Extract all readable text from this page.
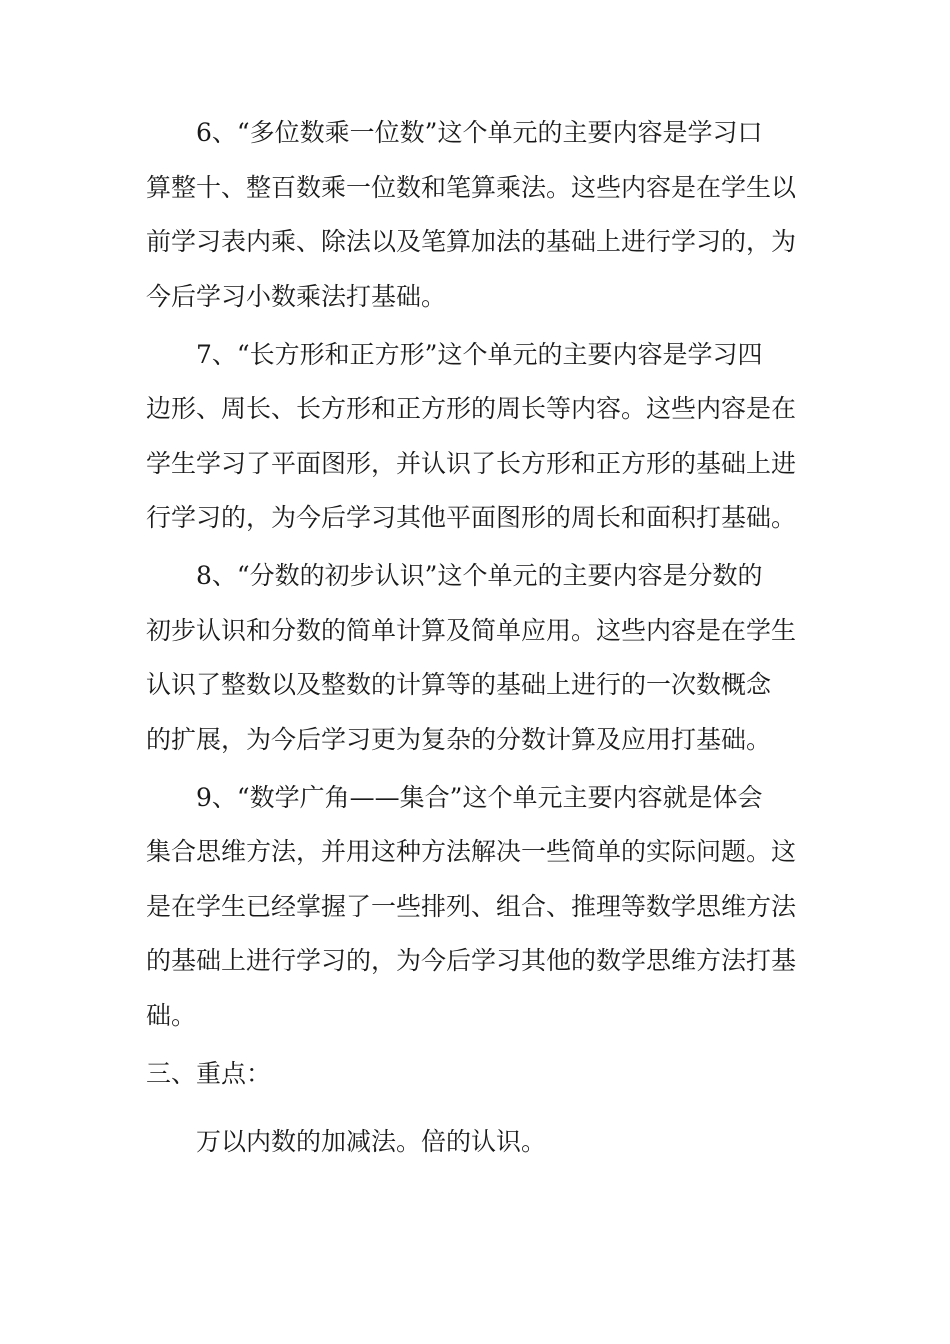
6、“多位数乘一位数”这个单元的主要内容是学习口
算整十、整百数乘一位数和笔算乘法。这些内容是在学生以
前学习表内乘、除法以及笔算加法的基础上进行学习的，为
今后学习小数乘法打基础。
7、“长方形和正方形”这个单元的主要内容是学习四
边形、周长、长方形和正方形的周长等内容。这些内容是在
学生学习了平面图形，并认识了长方形和正方形的基础上进
行学习的，为今后学习其他平面图形的周长和面积打基础。
8、“分数的初步认识”这个单元的主要内容是分数的
初步认识和分数的简单计算及简单应用。这些内容是在学生
认识了整数以及整数的计算等的基础上进行的一次数概念
的扩展，为今后学习更为复杂的分数计算及应用打基础。
9、“数学广角——集合”这个单元主要内容就是体会
集合思维方法，并用这种方法解决一些简单的实际问题。这
是在学生已经掌握了一些排列、组合、推理等数学思维方法
的基础上进行学习的，为今后学习其他的数学思维方法打基
础。
三、重点：
万以内数的加减法。倍的认识。
